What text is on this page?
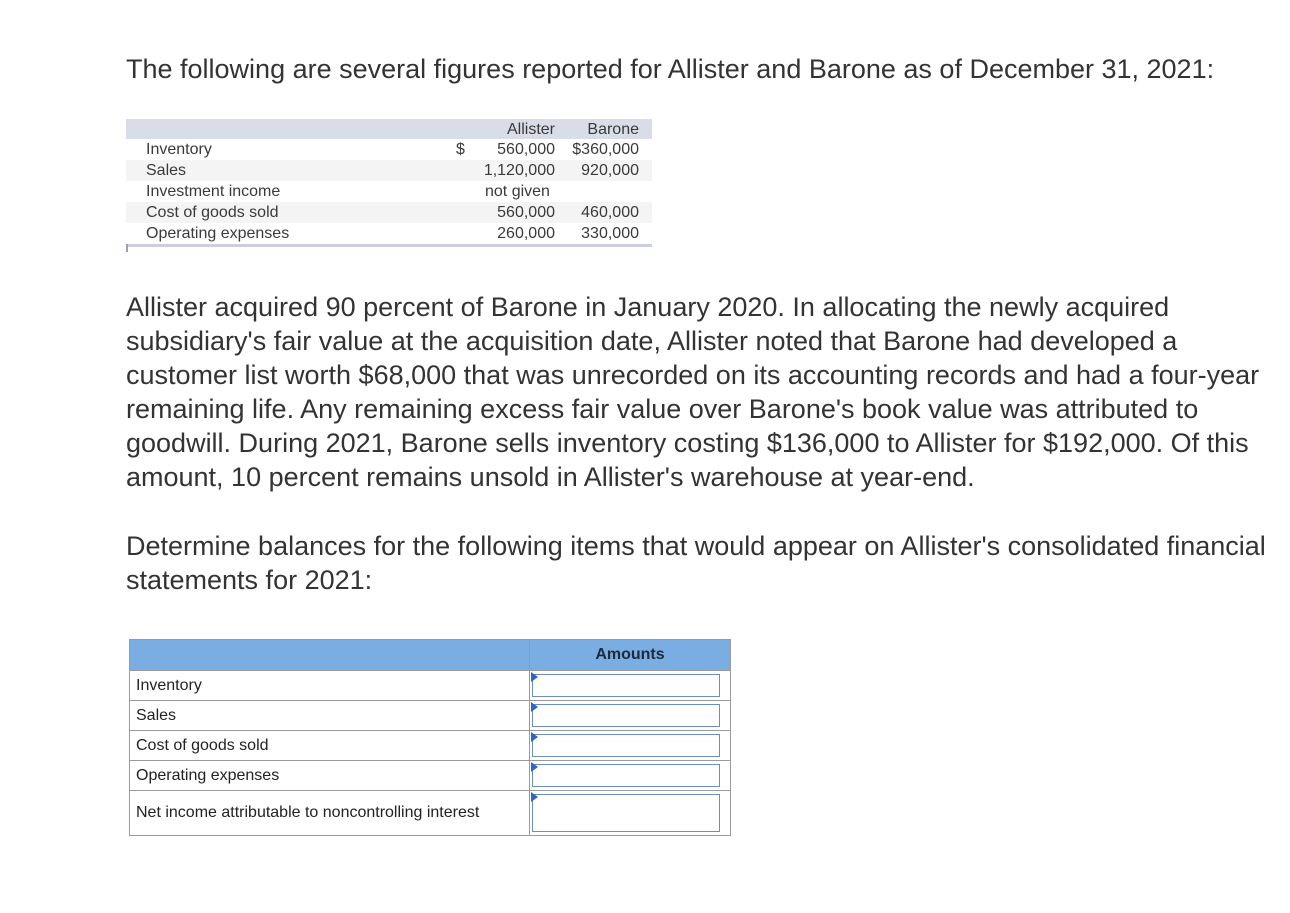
The following are several figures reported for Allister and Barone as of December 31, 2021:
Allister Barone
Inventory	$ 560,000 $360,000
Sales	1,120,000 920,000
Investment income	not given
Cost of goods sold	560,000 460,000
Operating expenses	260,000 330,000
Allister acquired 90 percent of Barone in January 2020. In allocating the newly acquired subsidiary's fair value at the acquisition date, Allister noted that Barone had developed a customer list worth $68,000 that was unrecorded on its accounting records and had a four-year remaining life. Any remaining excess fair value over Barone's book value was attributed to goodwill. During 2021, Barone sells inventory costing $136,000 to Allister for $192,000. Of this amount, 10 percent remains unsold in Allister's warehouse at year-end.
Determine balances for the following items that would appear on Allister's consolidated financial statements for 2021:
	Amounts
Inventory	

Sales	

Cost of goods sold	

Operating expenses	

Net income attributable to noncontrolling interest	
